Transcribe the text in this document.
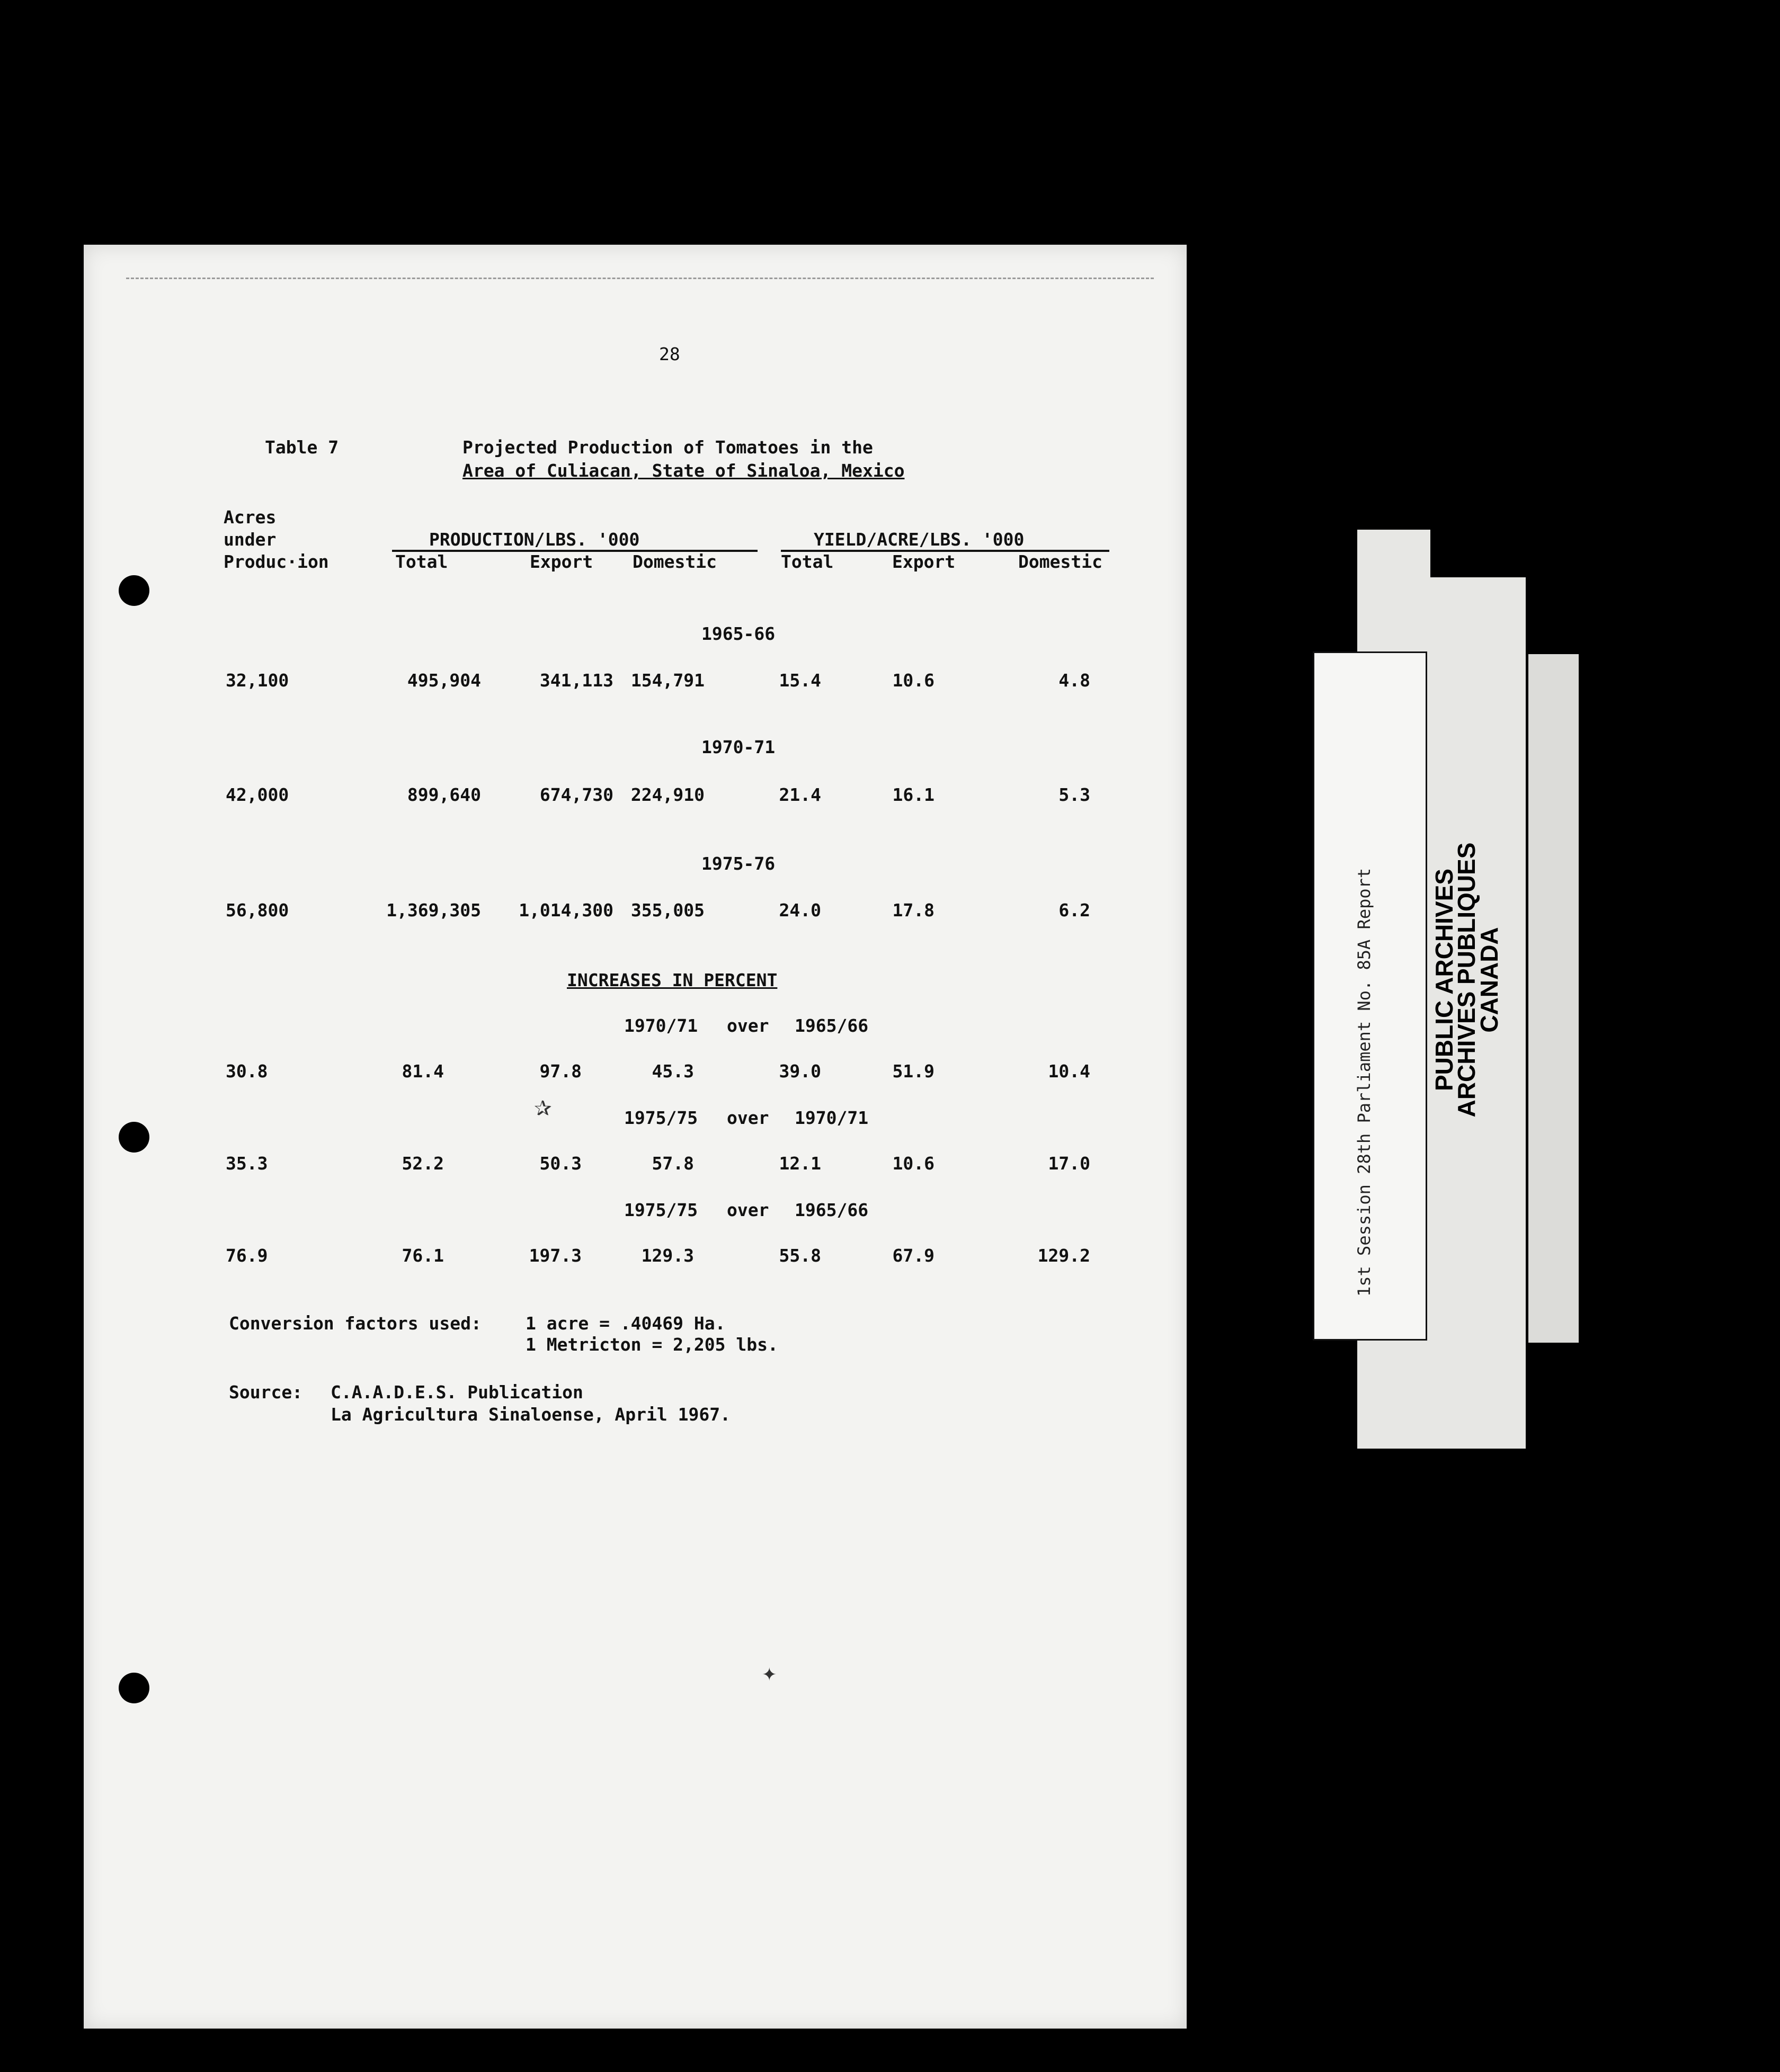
28
Table 7	Projected Production of Tomatoes in the
Area of Culiacan, State of Sinaloa, Mexico
Acres
under
Produc·ion
PRODUCTION/LBS. '000	YIELD/ACRE/LBS. '000
Total	Export Domestic	Total	Export	Domestic
1965-66
32,100	495,904	341,113 154,791	15.4	10.6	4.8
1970-71
42,000	899,640	674,730 224,910	21.4	16.1	5.3
1975-76
56,800	1,369,305	1,014,300 355,005	24.0	17.8	6.2
INCREASES IN PERCENT
1970/71 over 1965/66
30.8	81.4	97.8	45.3	39.0	51.9	10.4
✰	1975/75 over 1970/71
35.3	52.2	50.3	57.8	12.1	10.6	17.0
1975/75 over 1965/66
76.9	76.1	197.3	129.3	55.8	67.9	129.2
Conversion factors used:	1 acre = .40469 Ha.
1 Metricton = 2,205 lbs.
Source: C.A.A.D.E.S. Publication
La Agricultura Sinaloense, April 1967.
✦
1st Session 28th Parliament No. 85A Report PUBLIC ARCHIVES
ARCHIVES PUBLIQUES
CANADA
